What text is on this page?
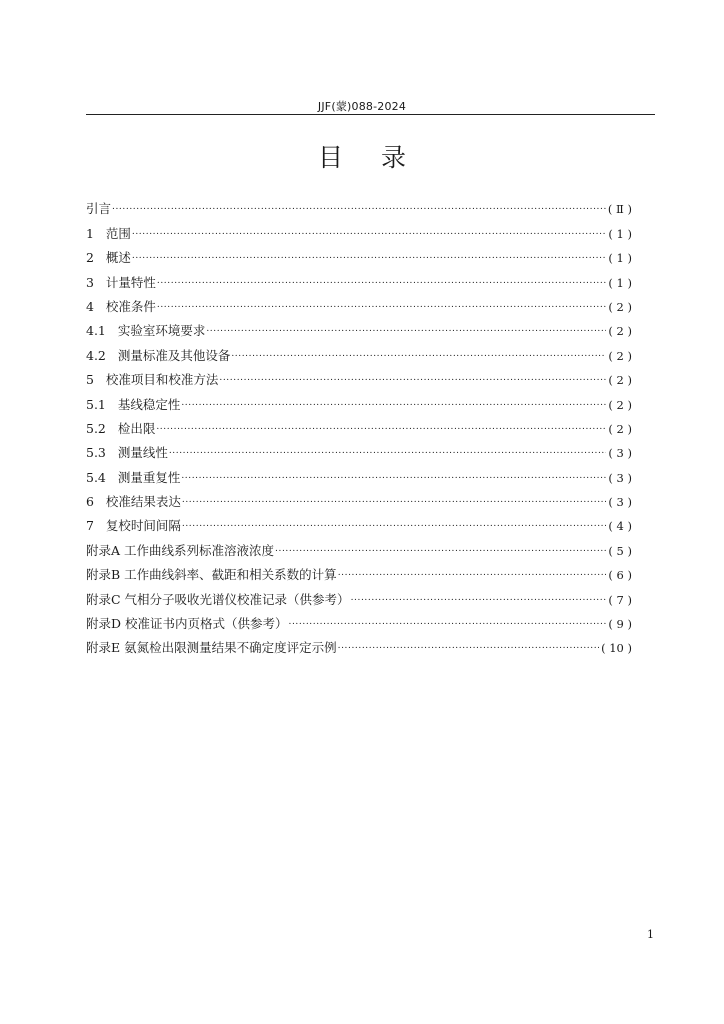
JJF(蒙)088-2024
目录
引言 .....	( Ⅱ )
1 范围 .....	( 1 )
2 概述 .....	( 1 )
3 计量特性 .....	( 1 )
4 校准条件 .....	( 2 )
4.1 实验室环境要求 .....	( 2 )
4.2 测量标准及其他设备 .....	( 2 )
5 校准项目和校准方法 .....	( 2 )
5.1 基线稳定性 .....	( 2 )
5.2 检出限 .....	( 2 )
5.3 测量线性 .....	( 3 )
5.4 测量重复性 .....	( 3 )
6 校准结果表达 .....	( 3 )
7 复校时间间隔 .....	( 4 )
附录A 工作曲线系列标准溶液浓度 .....	( 5 )
附录B 工作曲线斜率、截距和相关系数的计算 .....	( 6 )
附录C 气相分子吸收光谱仪校准记录（供参考） .....	( 7 )
附录D 校准证书内页格式（供参考） .....	( 9 )
附录E 氨氮检出限测量结果不确定度评定示例 .....	( 10 )
1
